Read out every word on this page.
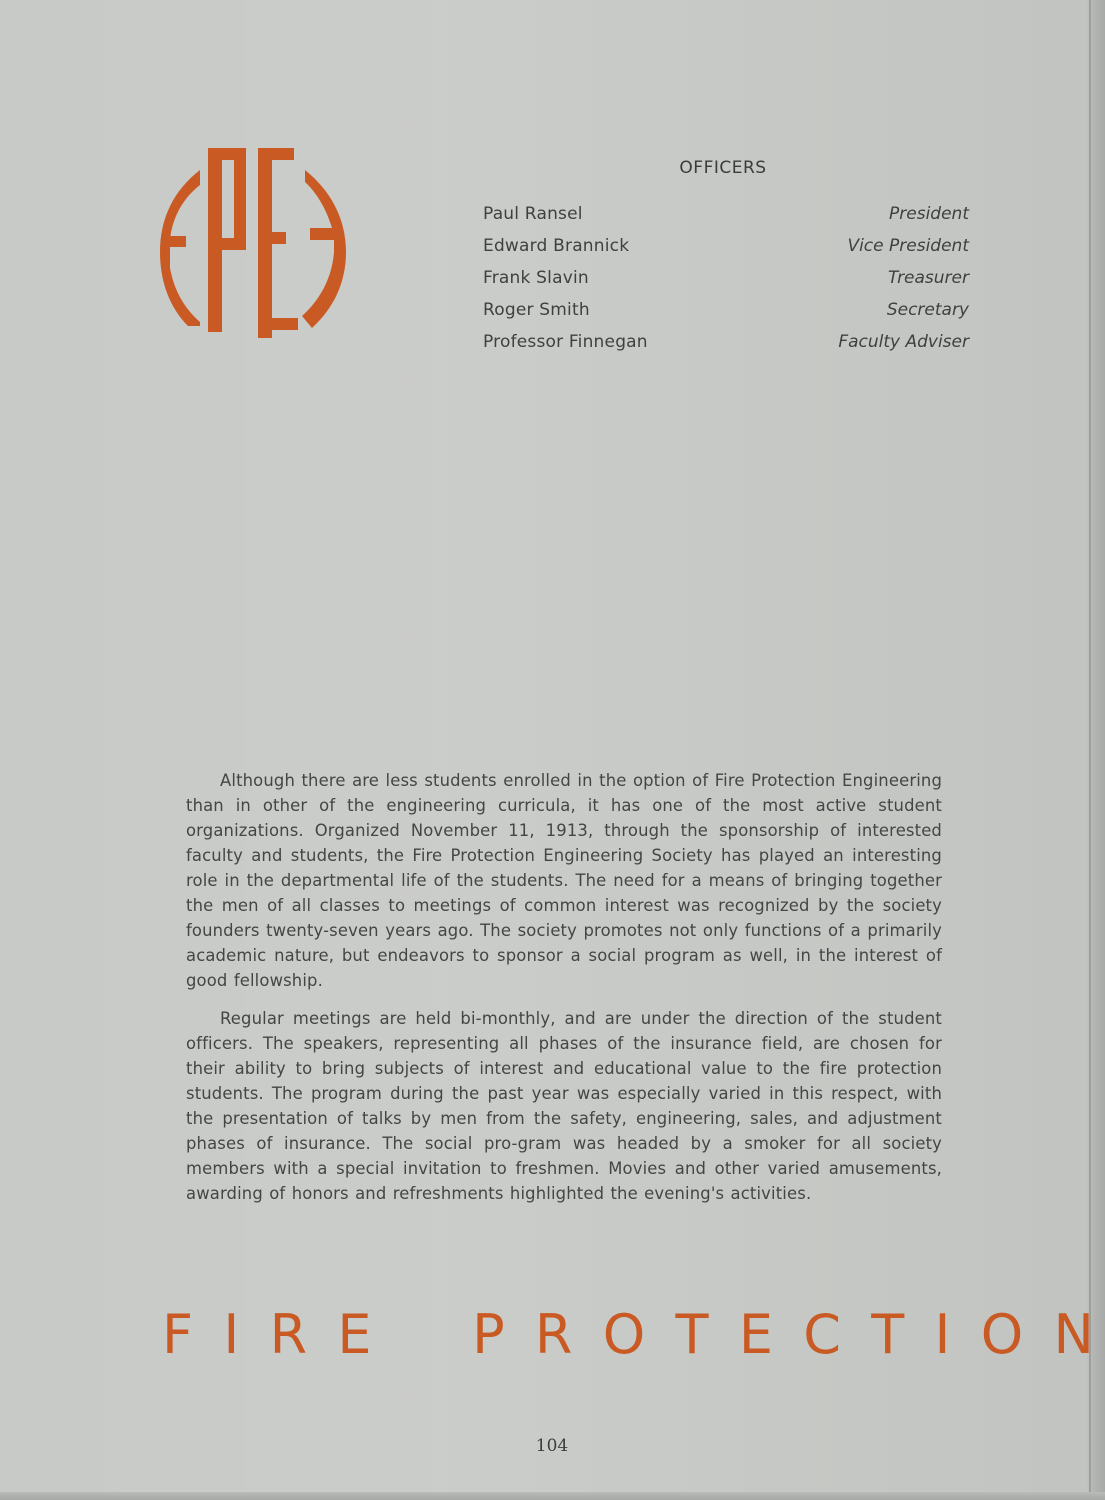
OFFICERS
Paul Ransel	President
Edward Brannick	Vice President
Frank Slavin	Treasurer
Roger Smith	Secretary
Professor Finnegan	Faculty Adviser

Although there are less students enrolled in the option of Fire Protection Engineering than in other of the engineering curricula, it has one of the most active student organizations. Organized November 11, 1913, through the sponsorship of interested faculty and students, the Fire Protection Engineering Society has played an interesting role in the departmental life of the students. The need for a means of bringing together the men of all classes to meetings of common interest was recognized by the society founders twenty-seven years ago. The society promotes not only functions of a primarily academic nature, but endeavors to sponsor a social program as well, in the interest of good fellowship.

Regular meetings are held bi-monthly, and are under the direction of the student officers. The speakers, representing all phases of the insurance field, are chosen for their ability to bring subjects of interest and educational value to the fire protection students. The program during the past year was especially varied in this respect, with the presentation of talks by men from the safety, engineering, sales, and adjustment phases of insurance. The social pro-gram was headed by a smoker for all society members with a special invitation to freshmen. Movies and other varied amusements, awarding of honors and refreshments highlighted the evening's activities.

F I R E P R O T E C T I O N
104
